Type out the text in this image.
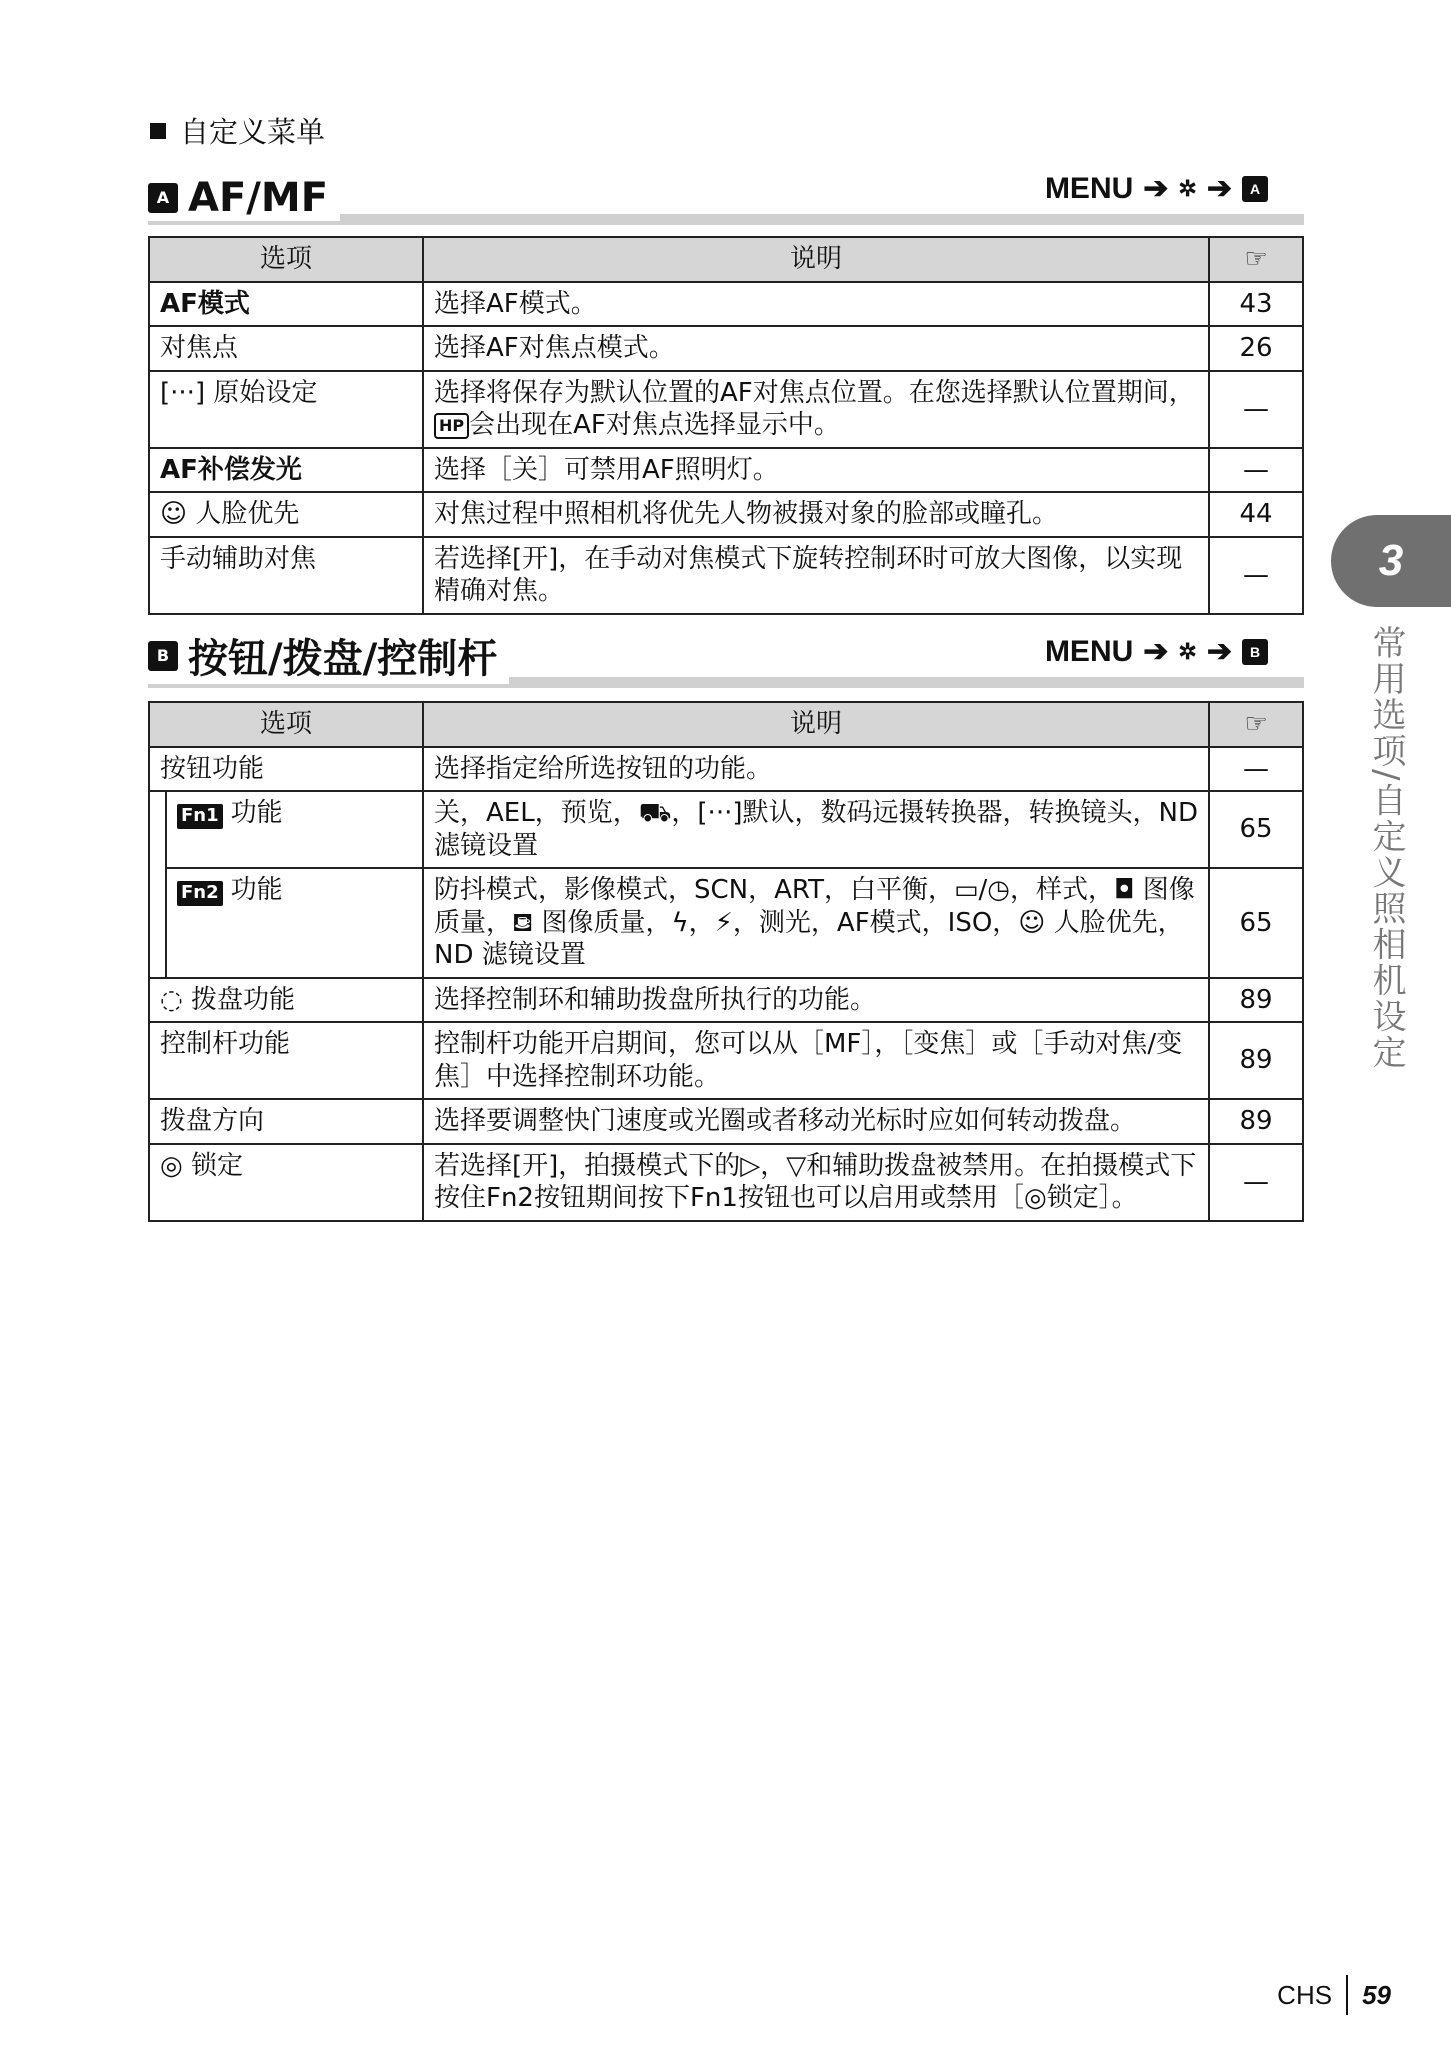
自定义菜单
A AF/MF	MENU ➔ ✲ ➔	A
选项	说明	☞
AF模式	选择AF模式。	43
对焦点	选择AF对焦点模式。	26
[···] 原始设定	选择将保存为默认位置的AF对焦点位置。在您选择默认位置期间，HP 会出现在AF对焦点选择显示中。	—
AF补偿发光	选择［关］可禁用AF照明灯。	—
☺ 人脸优先	对焦过程中照相机将优先人物被摄对象的脸部或瞳孔。	44
手动辅助对焦	若选择[开]，在手动对焦模式下旋转控制环时可放大图像，以实现精确对焦。	—
B 按钮/拨盘/控制杆	MENU ➔ ✲ ➔	B
选项		说明	☞
按钮功能		选择指定给所选按钮的功能。	—
	Fn1 功能	关，AEL，预览，⛟，[···]默认，数码远摄转换器，转换镜头，ND 滤镜设置	65
	Fn2 功能	防抖模式，影像模式，SCN，ART，白平衡，▭/◷，样式，◘ 图像质量，⛾ 图像质量，ϟ，⚡，测光，AF模式，ISO，☺ 人脸优先，ND 滤镜设置	65
◌ 拨盘功能		选择控制环和辅助拨盘所执行的功能。	89
控制杆功能		控制杆功能开启期间，您可以从［MF］，［变焦］或［手动对焦/变焦］中选择控制环功能。	89
拨盘方向		选择要调整快门速度或光圈或者移动光标时应如何转动拨盘。	89
◎ 锁定		若选择[开]，拍摄模式下的▷，▽和辅助拨盘被禁用。在拍摄模式下按住Fn2按钮期间按下Fn1按钮也可以启用或禁用［◎锁定］。	—
3
常用选项/自定义照相机设定
CHS 59
